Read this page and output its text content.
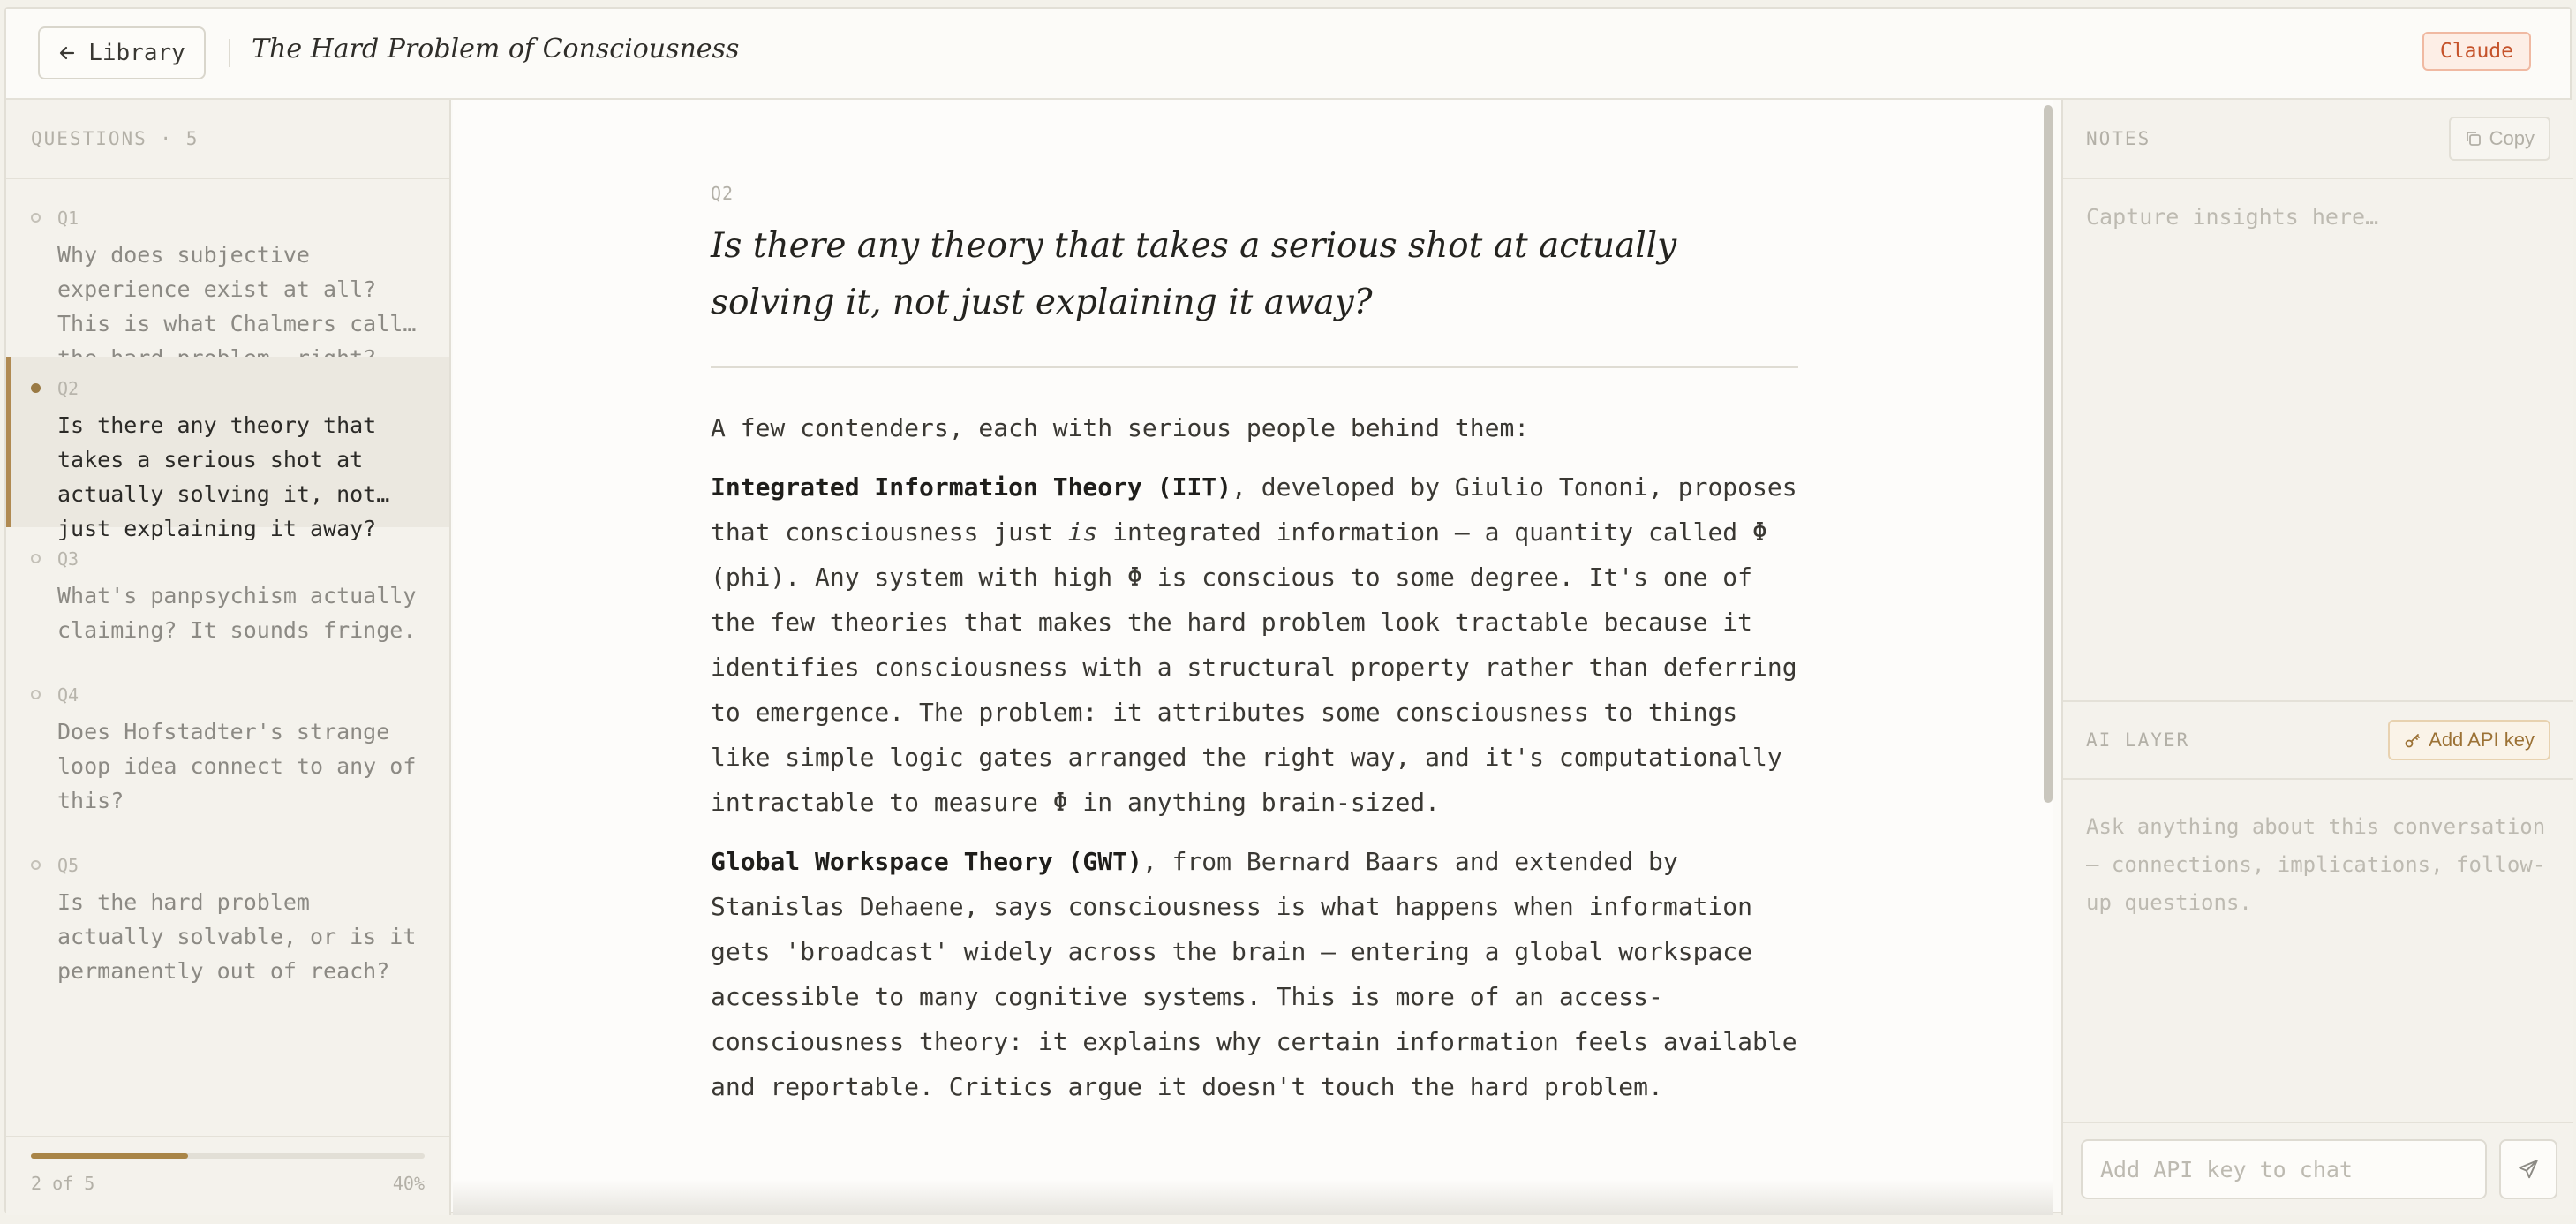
Library	The Hard Problem of Consciousness	Claude
QUESTIONS · 5
Q1
Why does subjective experience exist at all? This is what Chalmers calls
Q2
Is there any theory that takes a serious shot at actually solving it, not just explaining it away?
Q3
What's panpsychism actually claiming? It sounds fringe.
Q4
Does Hofstadter's strange loop idea connect to any of this?
Q5
Is the hard problem actually solvable, or is it permanently out of reach?
2 of 5	40%
Q2
Is there any theory that takes a serious shot at actually solving it, not just explaining it away?

A few contenders, each with serious people behind them:

Integrated Information Theory (IIT), developed by Giulio Tononi, proposes that consciousness just is integrated information — a quantity called Φ (phi). Any system with high Φ is conscious to some degree. It's one of the few theories that makes the hard problem look tractable because it identifies consciousness with a structural property rather than deferring to emergence. The problem: it attributes some consciousness to things like simple logic gates arranged the right way, and it's computationally intractable to measure Φ in anything brain-sized.

Global Workspace Theory (GWT), from Bernard Baars and extended by Stanislas Dehaene, says consciousness is what happens when information gets 'broadcast' widely across the brain — entering a global workspace accessible to many cognitive systems. This is more of an access-consciousness theory: it explains why certain information feels available and reportable. Critics argue it doesn't touch the hard problem.

NOTES	Copy
Capture insights here…
AI LAYER	Add API key
Ask anything about this conversation — connections, implications, follow-up questions.
Add API key to chat
